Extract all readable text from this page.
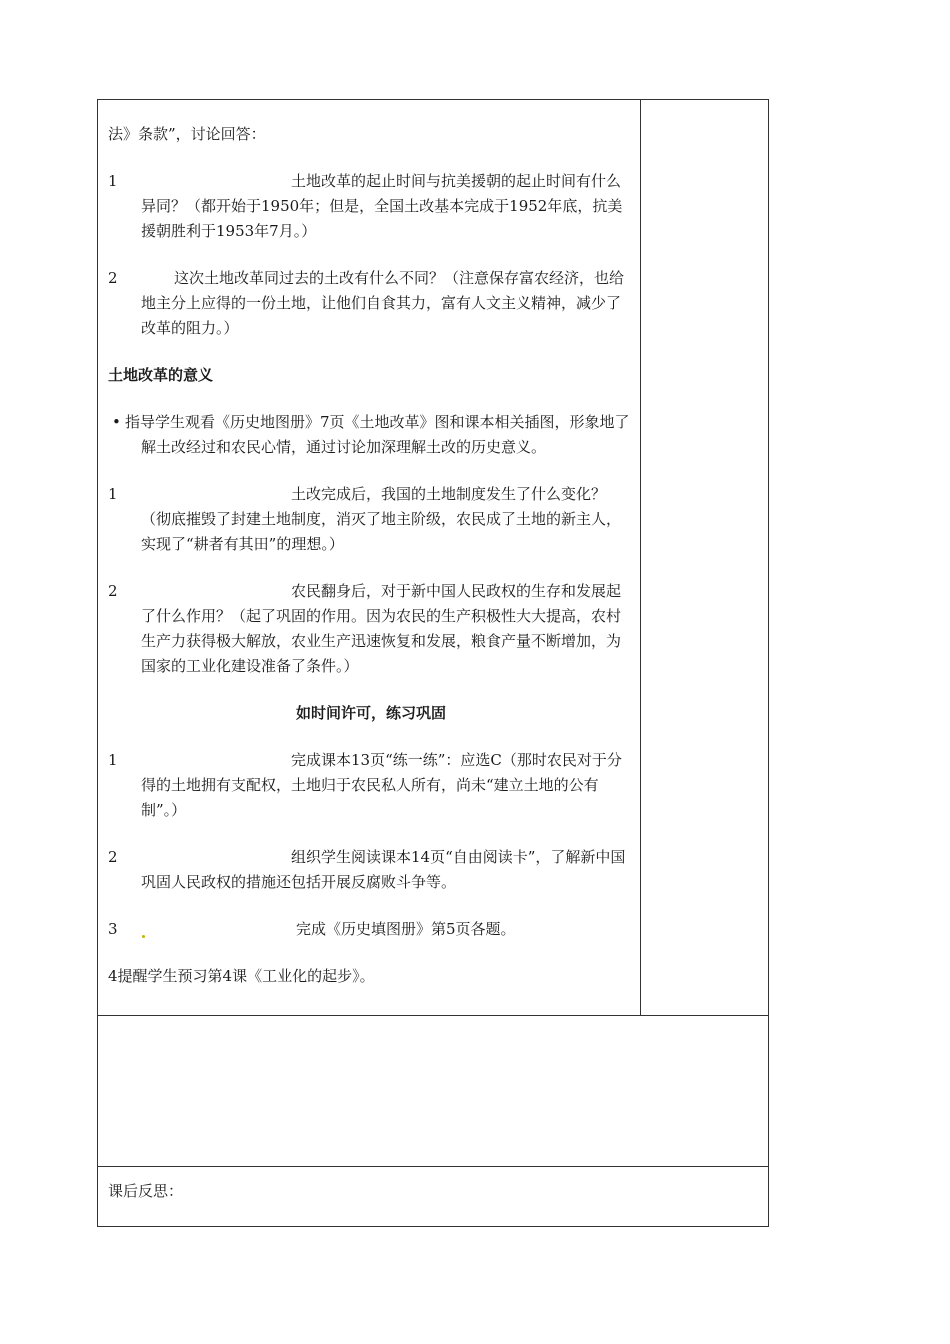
法》条款”，讨论回答：

1	土地改革的起止时间与抗美援朝的起止时间有什么异同？（都开始于1950年；但是，全国土改基本完成于1952年底，抗美援朝胜利于1953年7月。）

2	这次土地改革同过去的土改有什么不同？（注意保存富农经济，也给地主分上应得的一份土地，让他们自食其力，富有人文主义精神，减少了改革的阻力。）

土地改革的意义

• 指导学生观看《历史地图册》7页《土地改革》图和课本相关插图，形象地了解土改经过和农民心情，通过讨论加深理解土改的历史意义。

1	土改完成后，我国的土地制度发生了什么变化？（彻底摧毁了封建土地制度，消灭了地主阶级，农民成了土地的新主人，实现了“耕者有其田”的理想。）

2	农民翻身后，对于新中国人民政权的生存和发展起了什么作用？（起了巩固的作用。因为农民的生产积极性大大提高，农村生产力获得极大解放，农业生产迅速恢复和发展，粮食产量不断增加，为国家的工业化建设准备了条件。）

如时间许可，练习巩固

1	完成课本13页“练一练”：应选C（那时农民对于分得的土地拥有支配权，土地归于农民私人所有，尚未“建立土地的公有制”。）

2	组织学生阅读课本14页“自由阅读卡”，了解新中国巩固人民政权的措施还包括开展反腐败斗争等。

3	完成《历史填图册》第5页各题。

4提醒学生预习第4课《工业化的起步》。

课后反思：
